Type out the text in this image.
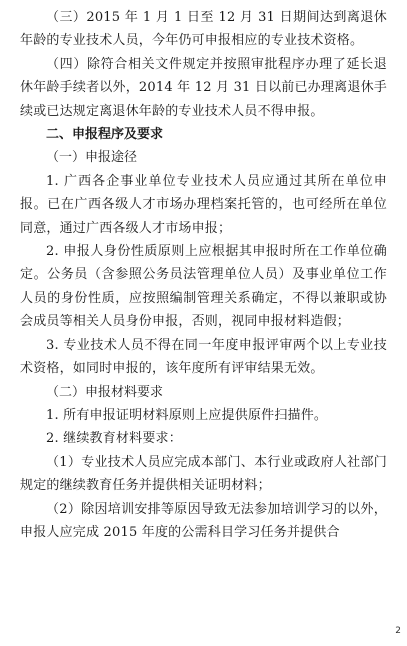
（三）2015 年 1 月 1 日至 12 月 31 日期间达到离退休年龄的专业技术人员，今年仍可申报相应的专业技术资格。

（四）除符合相关文件规定并按照审批程序办理了延长退休年龄手续者以外，2014 年 12 月 31 日以前已办理离退休手续或已达规定离退休年龄的专业技术人员不得申报。

二、申报程序及要求

（一）申报途径

1. 广西各企事业单位专业技术人员应通过其所在单位申报。已在广西各级人才市场办理档案托管的，也可经所在单位同意，通过广西各级人才市场申报；

2. 申报人身份性质原则上应根据其申报时所在工作单位确定。公务员（含参照公务员法管理单位人员）及事业单位工作人员的身份性质，应按照编制管理关系确定，不得以兼职或协会成员等相关人员身份申报，否则，视同申报材料造假；

3. 专业技术人员不得在同一年度申报评审两个以上专业技术资格，如同时申报的，该年度所有评审结果无效。

（二）申报材料要求

1. 所有申报证明材料原则上应提供原件扫描件。

2. 继续教育材料要求：

（1）专业技术人员应完成本部门、本行业或政府人社部门规定的继续教育任务并提供相关证明材料；

（2）除因培训安排等原因导致无法参加培训学习的以外，申报人应完成 2015 年度的公需科目学习任务并提供合

2
